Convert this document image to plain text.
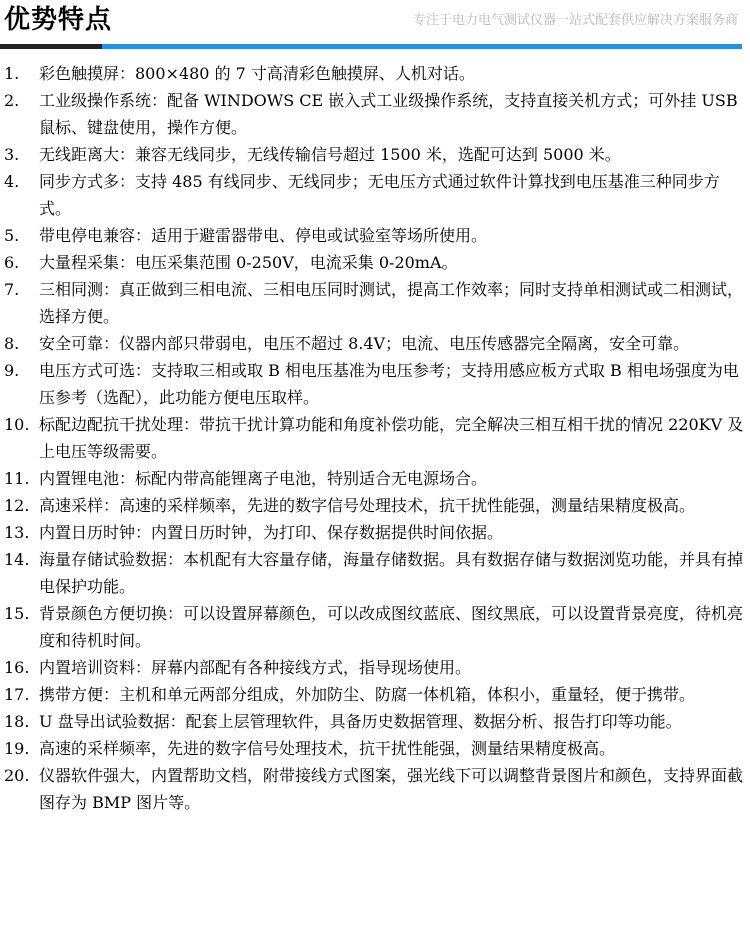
优势特点	专注于电力电气测试仪器一站式配套供应解决方案服务商
1. 彩色触摸屏：800×480 的 7 寸高清彩色触摸屏、人机对话。
2. 工业级操作系统：配备 WINDOWS CE 嵌入式工业级操作系统，支持直接关机方式；可外挂 USB 鼠标、键盘使用，操作方便。
3. 无线距离大：兼容无线同步，无线传输信号超过 1500 米，选配可达到 5000 米。
4. 同步方式多：支持 485 有线同步、无线同步；无电压方式通过软件计算找到电压基准三种同步方式。
5. 带电停电兼容：适用于避雷器带电、停电或试验室等场所使用。
6. 大量程采集：电压采集范围 0-250V，电流采集 0-20mA。
7. 三相同测：真正做到三相电流、三相电压同时测试，提高工作效率；同时支持单相测试或二相测试，选择方便。
8. 安全可靠：仪器内部只带弱电，电压不超过 8.4V；电流、电压传感器完全隔离，安全可靠。
9. 电压方式可选：支持取三相或取 B 相电压基准为电压参考；支持用感应板方式取 B 相电场强度为电压参考（选配），此功能方便电压取样。
10. 标配边配抗干扰处理：带抗干扰计算功能和角度补偿功能，完全解决三相互相干扰的情况 220KV 及上电压等级需要。
11. 内置锂电池：标配内带高能锂离子电池，特别适合无电源场合。
12. 高速采样：高速的采样频率，先进的数字信号处理技术，抗干扰性能强，测量结果精度极高。
13. 内置日历时钟：内置日历时钟，为打印、保存数据提供时间依据。
14. 海量存储试验数据：本机配有大容量存储，海量存储数据。具有数据存储与数据浏览功能，并具有掉电保护功能。
15. 背景颜色方便切换：可以设置屏幕颜色，可以改成图纹蓝底、图纹黑底，可以设置背景亮度，待机亮度和待机时间。
16. 内置培训资料：屏幕内部配有各种接线方式，指导现场使用。
17. 携带方便：主机和单元两部分组成，外加防尘、防腐一体机箱，体积小，重量轻，便于携带。
18. U 盘导出试验数据：配套上层管理软件，具备历史数据管理、数据分析、报告打印等功能。
19. 高速的采样频率，先进的数字信号处理技术，抗干扰性能强，测量结果精度极高。
20. 仪器软件强大，内置帮助文档，附带接线方式图案，强光线下可以调整背景图片和颜色，支持界面截图存为 BMP 图片等。
